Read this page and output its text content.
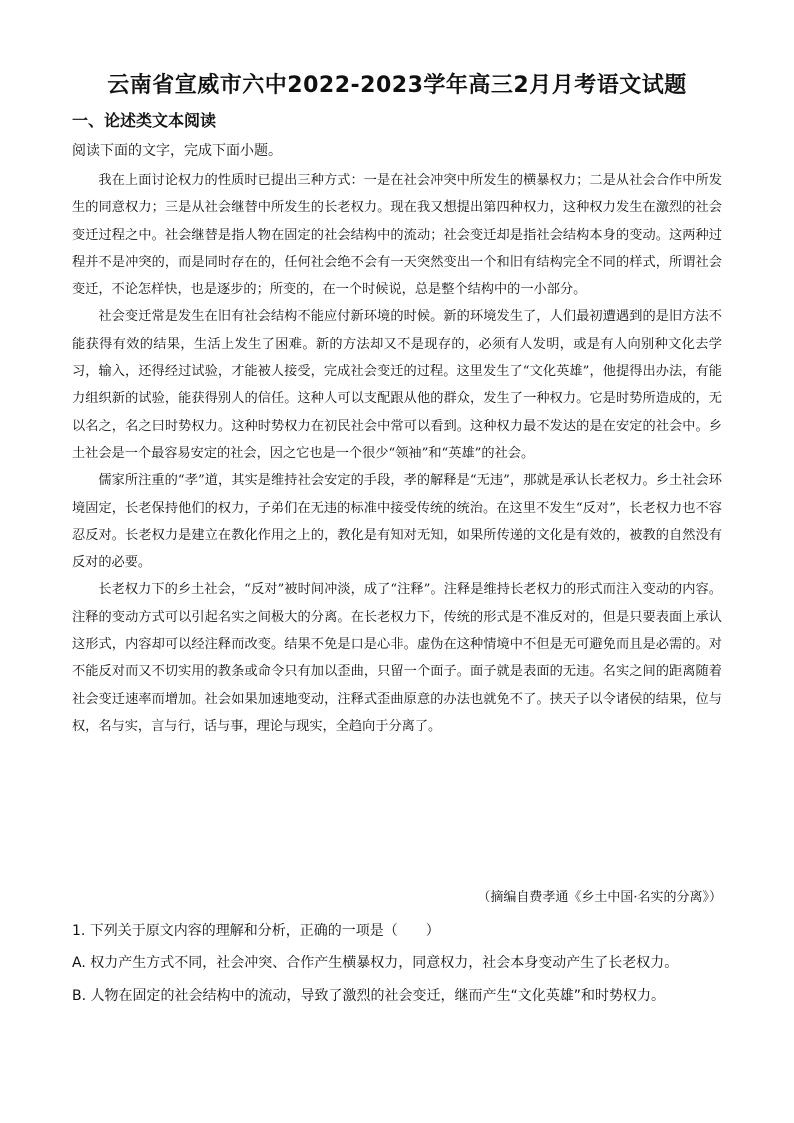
云南省宣威市六中2022-2023学年高三2月月考语文试题
一、论述类文本阅读
阅读下面的文字，完成下面小题。

我在上面讨论权力的性质时已提出三种方式：一是在社会冲突中所发生的横暴权力；二是从社会合作中所发生的同意权力；三是从社会继替中所发生的长老权力。现在我又想提出第四种权力，这种权力发生在激烈的社会变迁过程之中。社会继替是指人物在固定的社会结构中的流动；社会变迁却是指社会结构本身的变动。这两种过程并不是冲突的，而是同时存在的，任何社会绝不会有一天突然变出一个和旧有结构完全不同的样式，所谓社会变迁，不论怎样快，也是逐步的；所变的，在一个时候说，总是整个结构中的一小部分。

社会变迁常是发生在旧有社会结构不能应付新环境的时候。新的环境发生了，人们最初遭遇到的是旧方法不能获得有效的结果，生活上发生了困难。新的方法却又不是现存的，必须有人发明，或是有人向别种文化去学习，输入，还得经过试验，才能被人接受，完成社会变迁的过程。这里发生了“文化英雄”，他提得出办法，有能力组织新的试验，能获得别人的信任。这种人可以支配跟从他的群众，发生了一种权力。它是时势所造成的，无以名之，名之曰时势权力。这种时势权力在初民社会中常可以看到。这种权力最不发达的是在安定的社会中。乡土社会是一个最容易安定的社会，因之它也是一个很少“领袖”和“英雄”的社会。

儒家所注重的“孝”道，其实是维持社会安定的手段，孝的解释是“无违”，那就是承认长老权力。乡土社会环境固定，长老保持他们的权力，子弟们在无违的标准中接受传统的统治。在这里不发生“反对”，长老权力也不容忍反对。长老权力是建立在教化作用之上的，教化是有知对无知，如果所传递的文化是有效的，被教的自然没有反对的必要。

长老权力下的乡土社会，“反对”被时间冲淡，成了“注释”。注释是维持长老权力的形式而注入变动的内容。注释的变动方式可以引起名实之间极大的分离。在长老权力下，传统的形式是不准反对的，但是只要表面上承认这形式，内容却可以经注释而改变。结果不免是口是心非。虚伪在这种情境中不但是无可避免而且是必需的。对不能反对而又不切实用的教条或命令只有加以歪曲，只留一个面子。面子就是表面的无违。名实之间的距离随着社会变迁速率而增加。社会如果加速地变动，注释式歪曲原意的办法也就免不了。挟天子以令诸侯的结果，位与权，名与实，言与行，话与事，理论与现实，全趋向于分离了。

（摘编自费孝通《乡土中国·名实的分离》）
1. 下列关于原文内容的理解和分析，正确的一项是（　　）
A. 权力产生方式不同，社会冲突、合作产生横暴权力，同意权力，社会本身变动产生了长老权力。
B. 人物在固定的社会结构中的流动，导致了激烈的社会变迁，继而产生“文化英雄”和时势权力。
